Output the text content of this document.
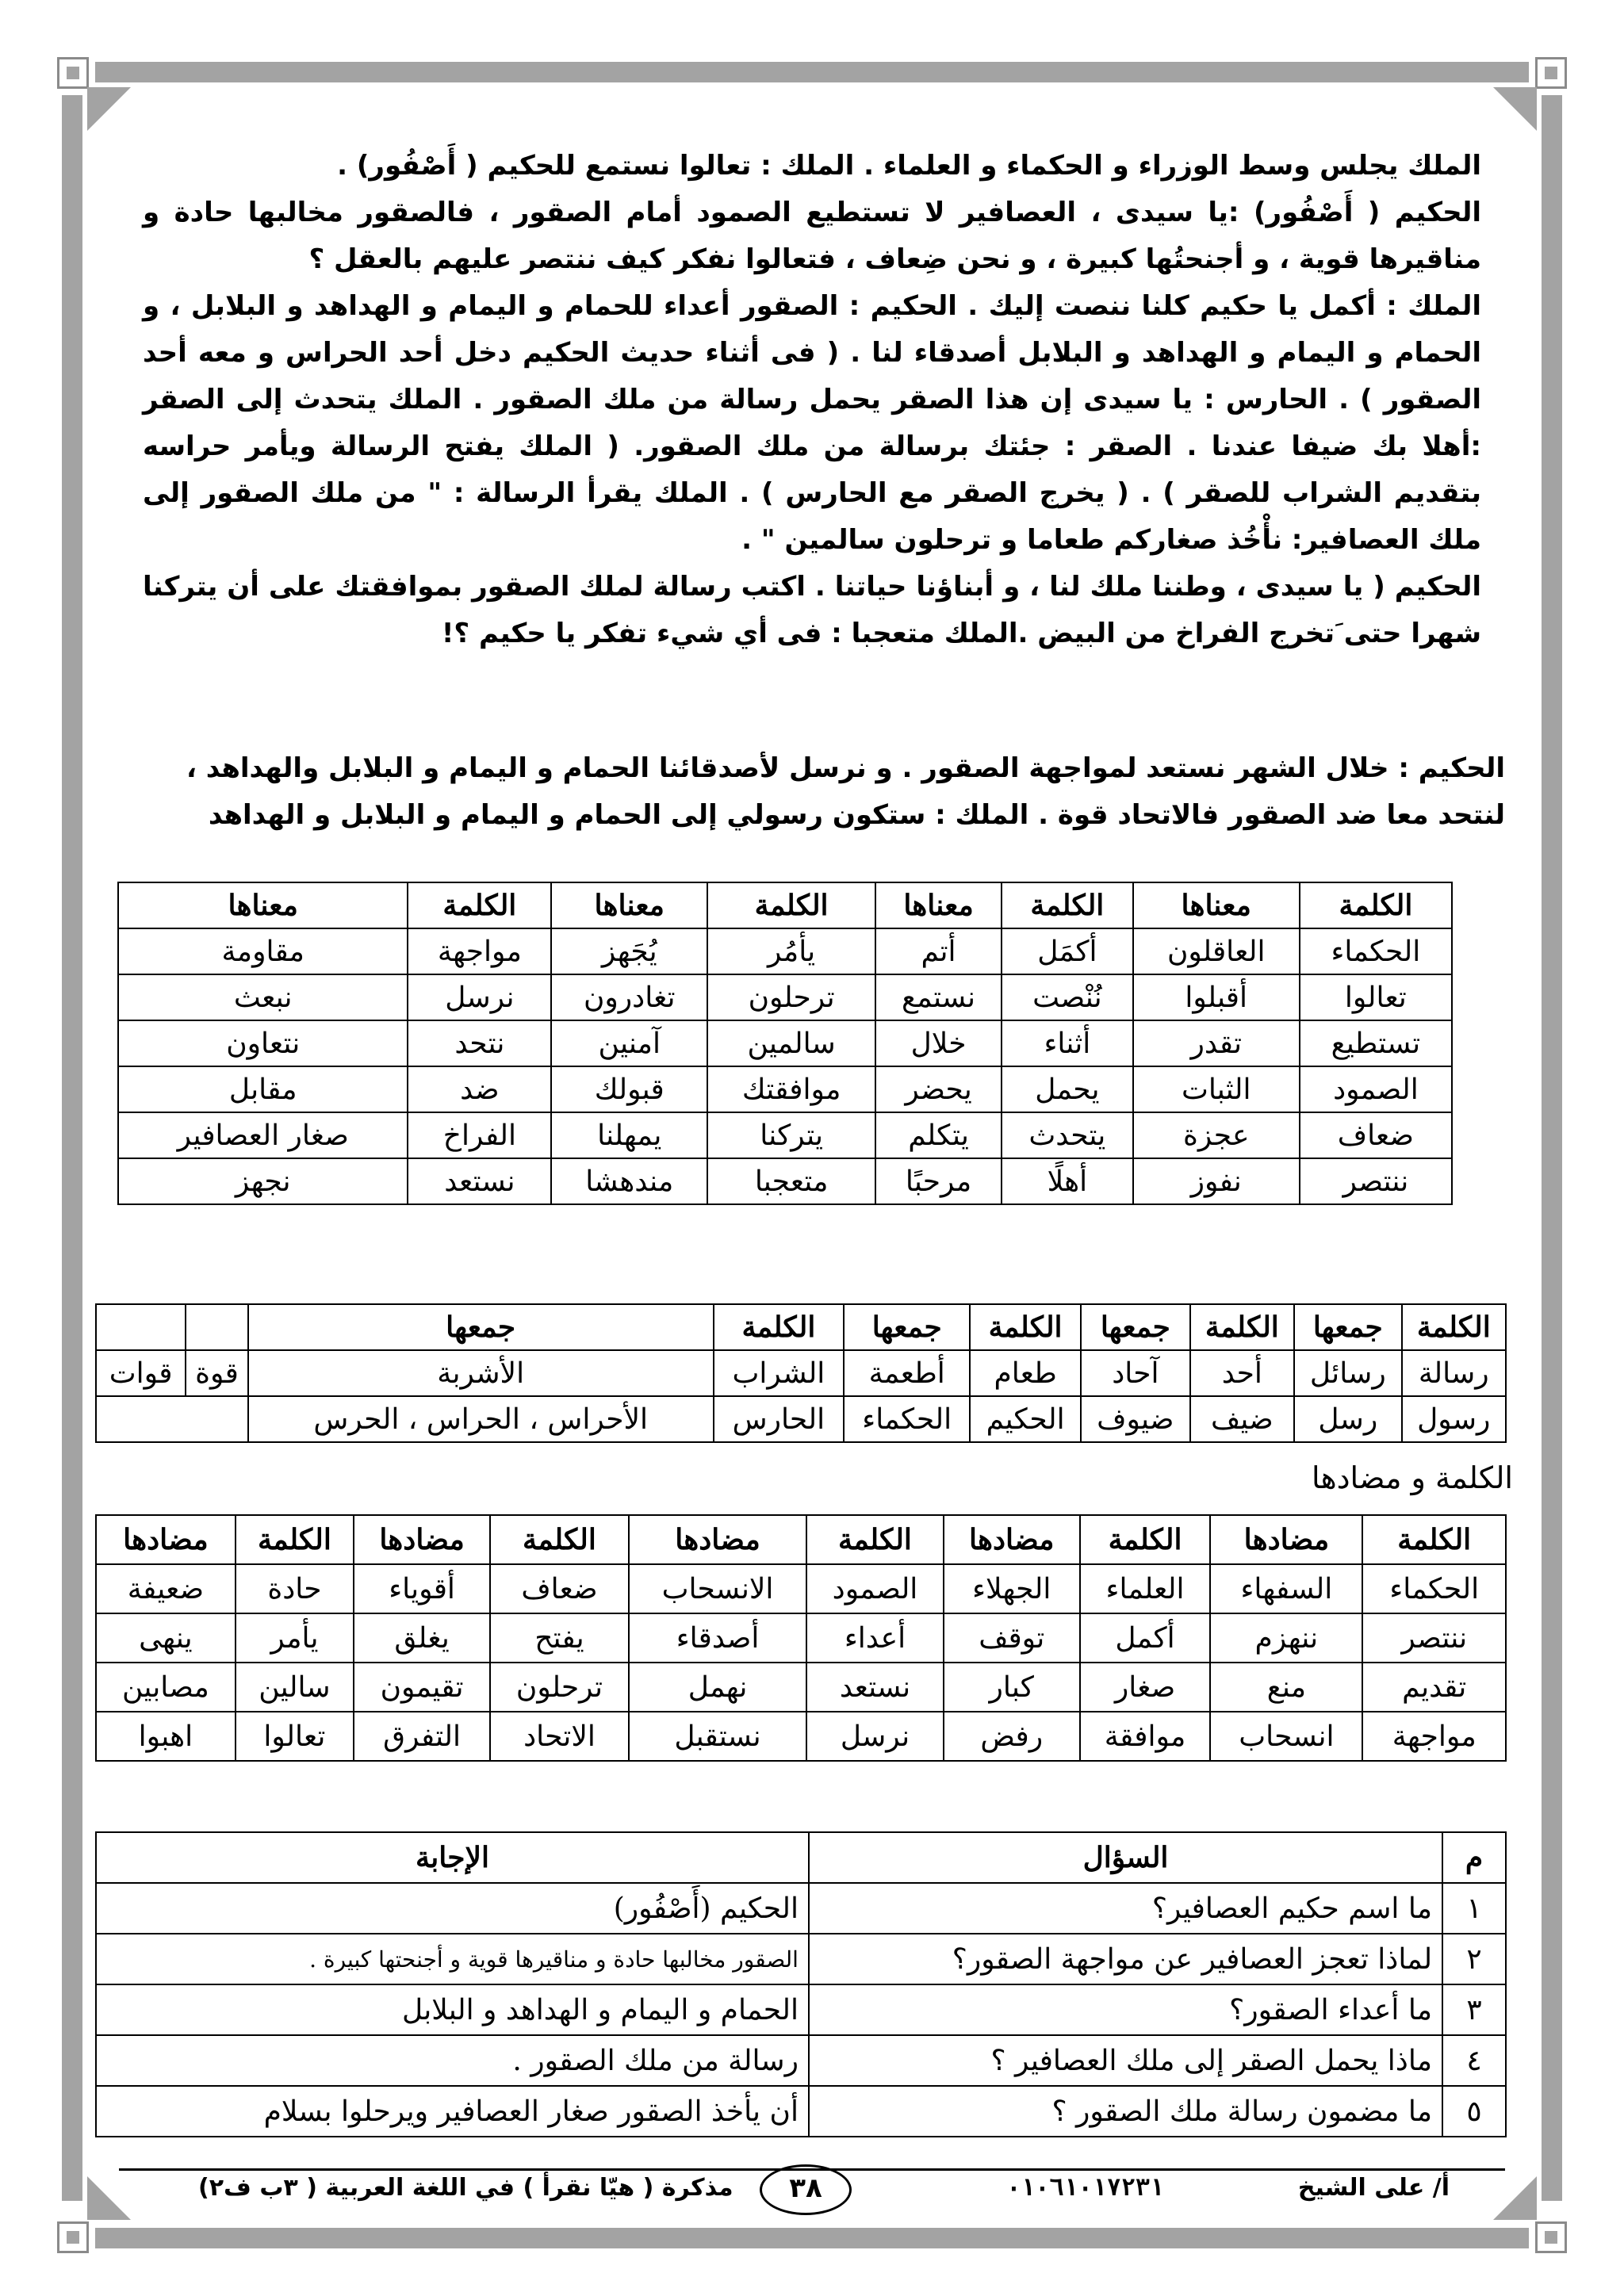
الملك يجلس وسط الوزراء و الحكماء و العلماء . الملك : تعالوا نستمع للحكيم ( أَصْفُور) .

الحكيم ( أَصْفُور) :يا سيدى ، العصافير لا تستطيع الصمود أمام الصقور ، فالصقور مخالبها حادة و مناقيرها قوية ، و أجنحتُها كبيرة ، و نحن ضِعاف ، فتعالوا نفكر كيف ننتصر عليهم بالعقل ؟

الملك : أكمل يا حكيم كلنا ننصت إليك . الحكيم : الصقور أعداء للحمام و اليمام و الهداهد و البلابل ، و الحمام و اليمام و الهداهد و البلابل أصدقاء لنا . ( فى أثناء حديث الحكيم دخل أحد الحراس و معه أحد الصقور ) . الحارس : يا سيدى إن هذا الصقر يحمل رسالة من ملك الصقور . الملك يتحدث إلى الصقر :أهلا بك ضيفا عندنا . الصقر : جئتك برسالة من ملك الصقور. ( الملك يفتح الرسالة ويأمر حراسه بتقديم الشراب للصقر ) . ( يخرج الصقر مع الحارس ) . الملك يقرأ الرسالة : " من ملك الصقور إلى ملك العصافير: نأْخُذ صغاركم طعاما و ترحلون سالمين " .

الحكيم ( يا سيدى ، وطننا ملك لنا ، و أبناؤنا حياتنا . اكتب رسالة لملك الصقور بموافقتك على أن يتركنا شهرا حتى َتخرج الفراخ من البيض .الملك متعجبا : فى أي شيء تفكر يا حكيم ؟!

الحكيم : خلال الشهر نستعد لمواجهة الصقور . و نرسل لأصدقائنا الحمام و اليمام و البلابل والهداهد ، لنتحد معا ضد الصقور فالاتحاد قوة . الملك : ستكون رسولي إلى الحمام و اليمام و البلابل و الهداهد

الكلمة	معناها	الكلمة	معناها	الكلمة	معناها	الكلمة	معناها
الحكماء	العاقلون	أكمَل	أتم	يأمُر	يُجَهز	مواجهة	مقاومة
تعالوا	أقبلوا	نُنْصت	نستمع	ترحلون	تغادرون	نرسل	نبعث
تستطيع	تقدر	أثناء	خلال	سالمين	آمنين	نتحد	نتعاون
الصمود	الثبات	يحمل	يحضر	موافقتك	قبولك	ضد	مقابل
ضعاف	عجزة	يتحدث	يتكلم	يتركنا	يمهلنا	الفراخ	صغار العصافير
ننتصر	نفوز	أهلًا	مرحبًا	متعجبا	مندهشا	نستعد	نجهز
الكلمة	جمعها	الكلمة	جمعها	الكلمة	جمعها	الكلمة	جمعها		
رسالة	رسائل	أحد	آحاد	طعام	أطعمة	الشراب	الأشربة	قوة	قوات
رسول	رسل	ضيف	ضيوف	الحكيم	الحكماء	الحارس	الأحراس ، الحراس ، الحرس		
الكلمة و مضادها
الكلمة	مضادها	الكلمة	مضادها	الكلمة	مضادها	الكلمة	مضادها	الكلمة	مضادها
الحكماء	السفهاء	العلماء	الجهلاء	الصمود	الانسحاب	ضعاف	أقوياء	حادة	ضعيفة
ننتصر	ننهزم	أكمل	توقف	أعداء	أصدقاء	يفتح	يغلق	يأمر	ينهى
تقديم	منع	صغار	كبار	نستعد	نهمل	ترحلون	تقيمون	سالين	مصابين
مواجهة	انسحاب	موافقة	رفض	نرسل	نستقبل	الاتحاد	التفرق	تعالوا	اهبوا
م	السؤال	الإجابة
١	ما اسم حكيم العصافير؟	الحكيم (أَصْفُور)
٢	لماذا تعجز العصافير عن مواجهة الصقور؟	الصقور مخالبها حادة و مناقيرها قوية و أجنحتها كبيرة .
٣	ما أعداء الصقور؟	الحمام و اليمام و الهداهد و البلابل
٤	ماذا يحمل الصقر إلى ملك العصافير ؟	رسالة من ملك الصقور .
٥	ما مضمون رسالة ملك الصقور ؟	أن يأخذ الصقور صغار العصافير ويرحلوا بسلام
أ/ على الشيخ
٠١٠٦١٠١٧٢٣١
٣٨
مذكرة ( هيّا نقرأ ) في اللغة العربية ( ٣ب ف٢)
